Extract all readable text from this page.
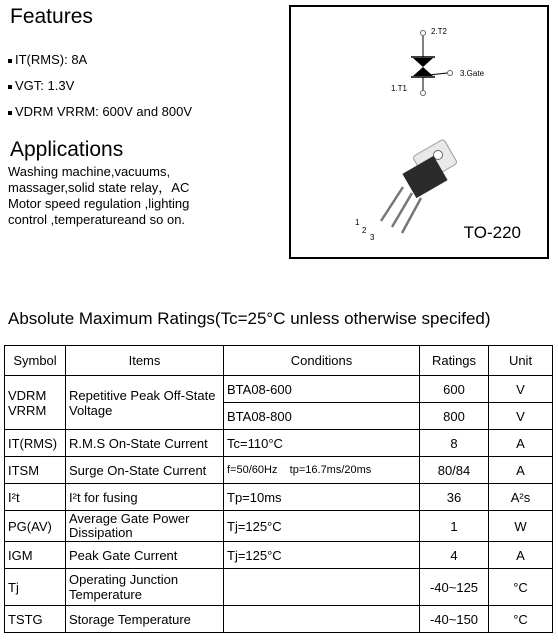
Features
IT(RMS): 8A
VGT: 1.3V
VDRM VRRM: 600V and 800V
Applications
Washing machine,vacuums,
massager,solid state relay，AC
Motor speed regulation ,lighting
control ,temperatureand so on.
2.T2
1.T1
3.Gate
1
2
3	TO-220
Absolute Maximum Ratings(Tc=25°C unless otherwise specifed)
Symbol	Items	Conditions	Ratings	Unit

VDRM
VRRM	Repetitive Peak Off-State Voltage	BTA08-600	600	V
		BTA08-800	800	V
IT(RMS)	R.M.S On-State Current	Tc=110°C	8	A
ITSM	Surge On-State Current	f=50/60Hz    tp=16.7ms/20ms	80/84	A
I²t	I²t for fusing	Tp=10ms	36	A²s
PG(AV)	Average Gate Power Dissipation	Tj=125°C	1	W
IGM	Peak Gate Current	Tj=125°C	4	A
Tj	Operating Junction Temperature		-40~125	°C
TSTG	Storage Temperature		-40~150	°C
